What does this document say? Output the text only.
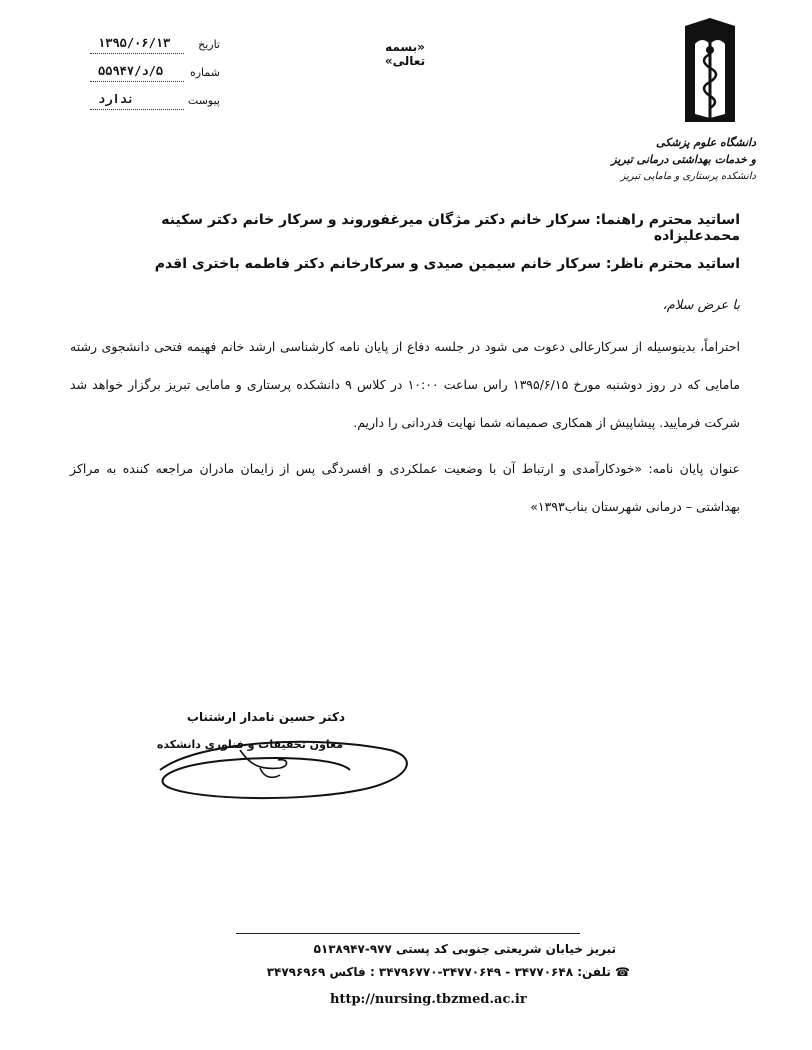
دانشگاه علوم پزشکی
و خدمات بهداشتی درمانی تبریز
دانشکده پرستاری و مامایی تبریز
«بسمه تعالی»
تاریخ
۱۳۹۵/۰۶/۱۳
شماره
۵/د/۵۵۹۴۷
پیوست
ندارد
اساتید محترم راهنما: سرکار خانم دکتر مژگان میرغفوروند و سرکار خانم دکتر سکینه محمدعلیزاده
اساتید محترم ناظر: سرکار خانم سیمین صیدی و سرکارخانم دکتر فاطمه باختری اقدم
با عرض سلام،
احتراماً، بدینوسیله از سرکارعالی دعوت می شود در جلسه دفاع از پایان نامه کارشناسی ارشد خانم فهیمه فتحی دانشجوی رشته مامایی که در روز دوشنبه مورخ ۱۳۹۵/۶/۱۵ راس ساعت ۱۰:۰۰ در کلاس ۹ دانشکده پرستاری و مامایی تبریز برگزار خواهد شد شرکت فرمایید. پیشاپیش از همکاری صمیمانه شما نهایت قدردانی را داریم.
عنوان پایان نامه: «خودکارآمدی و ارتباط آن با وضعیت عملکردی و افسردگی پس از زایمان مادران مراجعه کننده به مراکز بهداشتی – درمانی شهرستان بناب۱۳۹۳»
دکتر حسین نامدار ارشتناب
معاون تحقیقات و فناوری دانشکده
تبریز خیابان شریعتی جنوبی کد پستی ۹۷۷-۵۱۳۸۹۴۷
☎ تلفن: ۳۴۷۷۰۶۴۸ - ۳۴۷۷۰۶۴۹-۳۴۷۹۶۷۷۰ : فاکس ۳۴۷۹۶۹۶۹
http://nursing.tbzmed.ac.ir
